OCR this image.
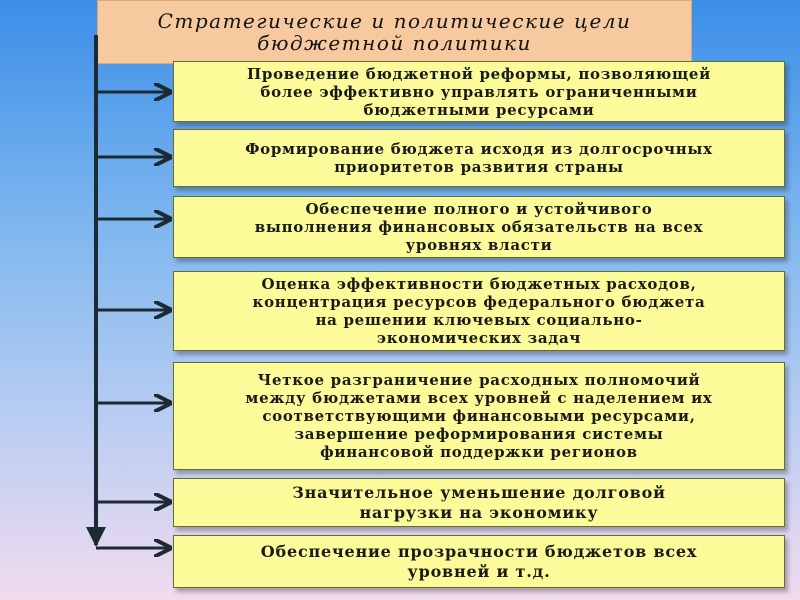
Стратегические и политические цели
бюджетной политики
Проведение бюджетной реформы, позволяющей
более эффективно управлять ограниченными
бюджетными ресурсами
Формирование бюджета исходя из долгосрочных
приоритетов развития страны
Обеспечение полного и устойчивого
выполнения финансовых обязательств на всех
уровнях власти
Оценка эффективности бюджетных расходов,
концентрация ресурсов федерального бюджета
на решении ключевых социально-
экономических задач
Четкое разграничение расходных полномочий
между бюджетами всех уровней с наделением их
соответствующими финансовыми ресурсами,
завершение реформирования системы
финансовой поддержки регионов
Значительное уменьшение долговой
нагрузки на экономику
Обеспечение прозрачности бюджетов всех
уровней и т.д.
